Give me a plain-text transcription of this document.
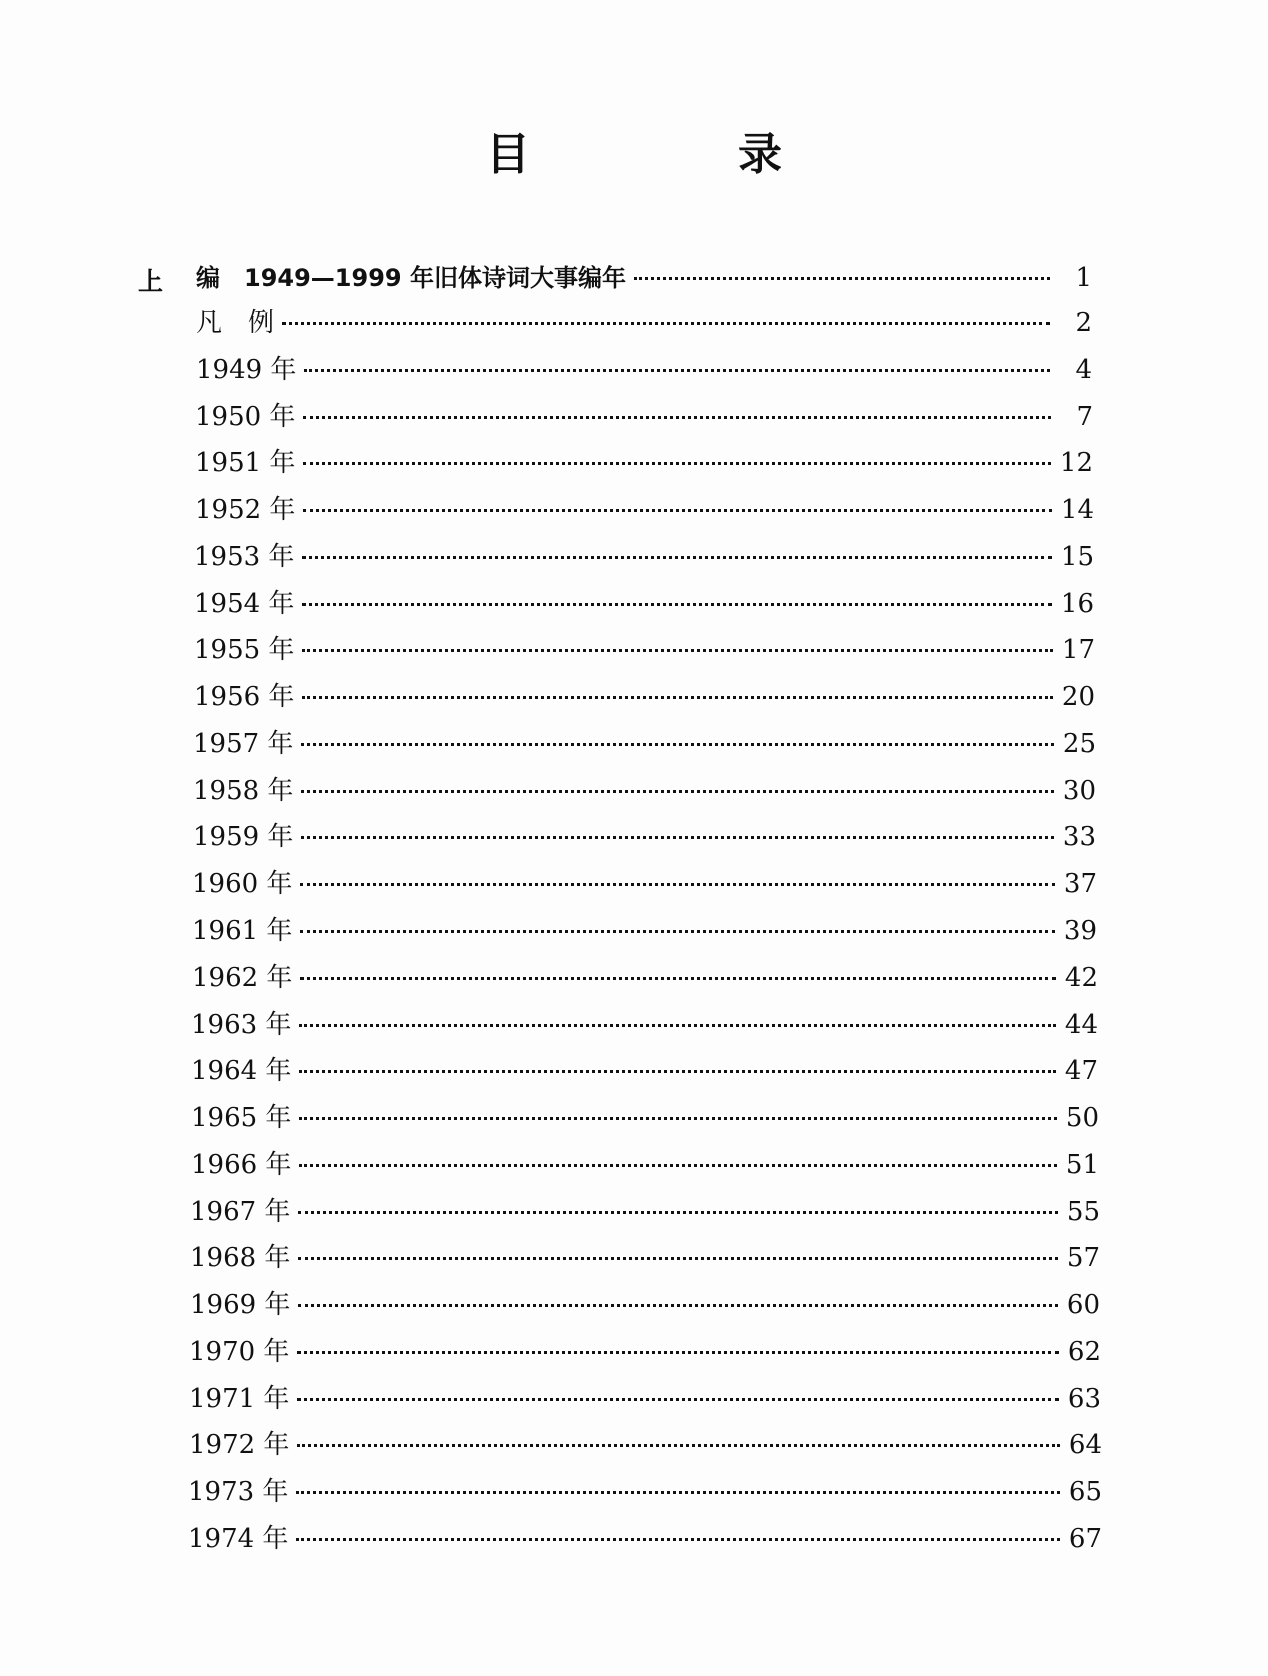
目　录
上 编　1949—1999 年旧体诗词大事编年	1
凡　例	2
1949 年	4
1950 年	7
1951 年	12
1952 年	14
1953 年	15
1954 年	16
1955 年	17
1956 年	20
1957 年	25
1958 年	30
1959 年	33
1960 年	37
1961 年	39
1962 年	42
1963 年	44
1964 年	47
1965 年	50
1966 年	51
1967 年	55
1968 年	57
1969 年	60
1970 年	62
1971 年	63
1972 年	64
1973 年	65
1974 年	67
